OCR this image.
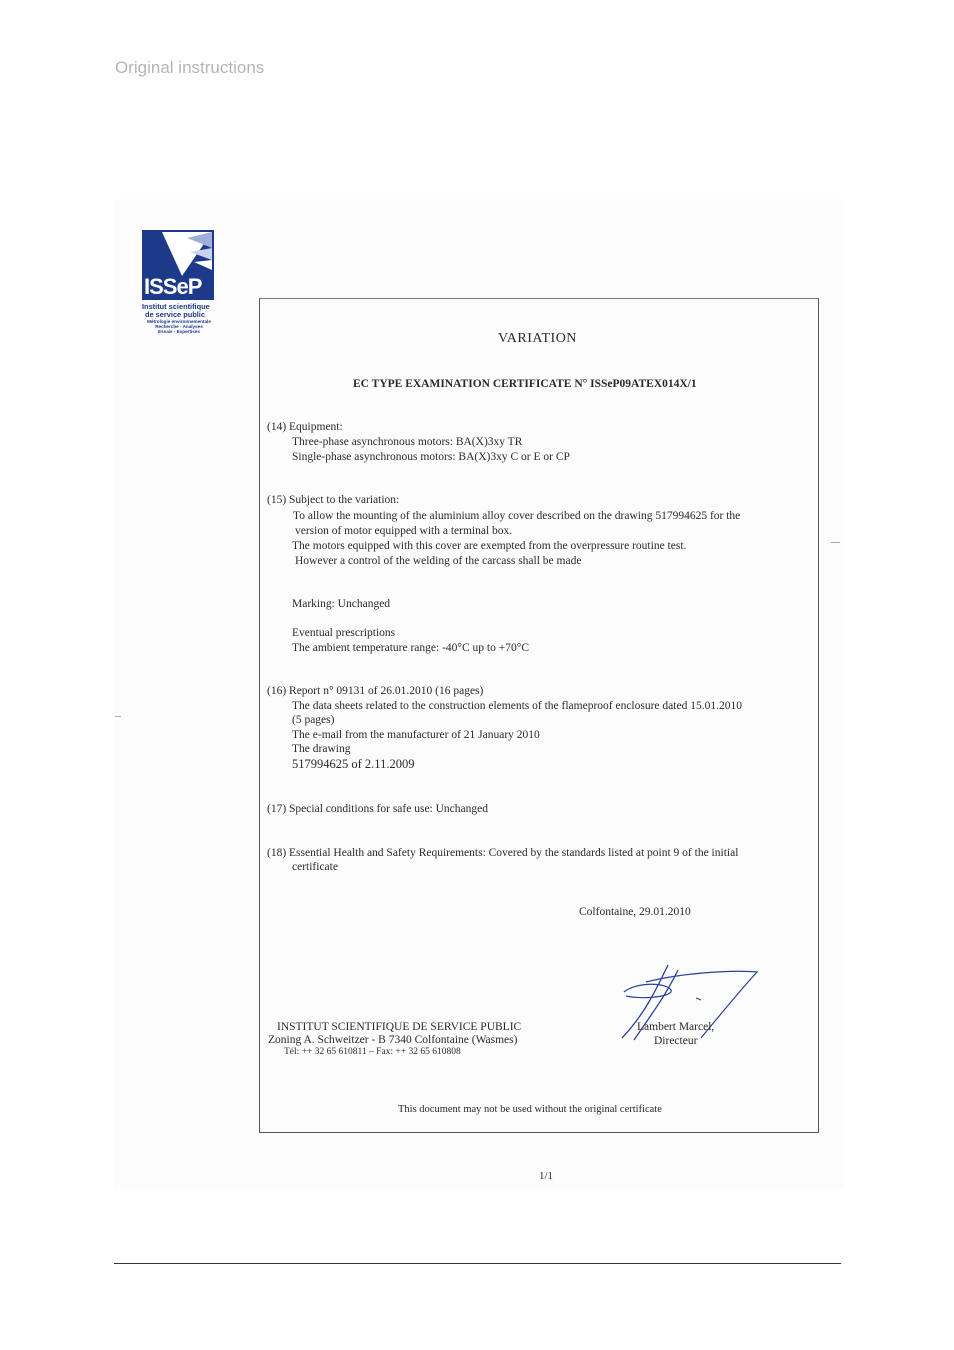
Original instructions
ISSeP
Institut scientifique
de service public
Métrologie environnementale
Recherche - Analyses
Essais - Expertises	VARIATION
EC TYPE EXAMINATION CERTIFICATE N° ISSeP09ATEX014X/1
(14) Equipment:
Three-phase asynchronous motors: BA(X)3xy TR
Single-phase asynchronous motors: BA(X)3xy C or E or CP
(15) Subject to the variation:
To allow the mounting of the aluminium alloy cover described on the drawing 517994625 for the
version of motor equipped with a terminal box.
The motors equipped with this cover are exempted from the overpressure routine test.
However a control of the welding of the carcass shall be made
Marking: Unchanged
Eventual prescriptions
The ambient temperature range: -40°C up to +70°C
(16) Report n° 09131 of 26.01.2010 (16 pages)
The data sheets related to the construction elements of the flameproof enclosure dated 15.01.2010
(5 pages)
The e-mail from the manufacturer of 21 January 2010
The drawing
517994625 of 2.11.2009
(17) Special conditions for safe use: Unchanged
(18) Essential Health and Safety Requirements: Covered by the standards listed at point 9 of the initial
certificate
Colfontaine, 29.01.2010
Lambert Marcel,
Directeur
INSTITUT SCIENTIFIQUE DE SERVICE PUBLIC
Zoning A. Schweitzer - B 7340 Colfontaine (Wasmes)
Tél: ++ 32 65 610811 – Fax: ++ 32 65 610808
This document may not be used without the original certificate
1/1
